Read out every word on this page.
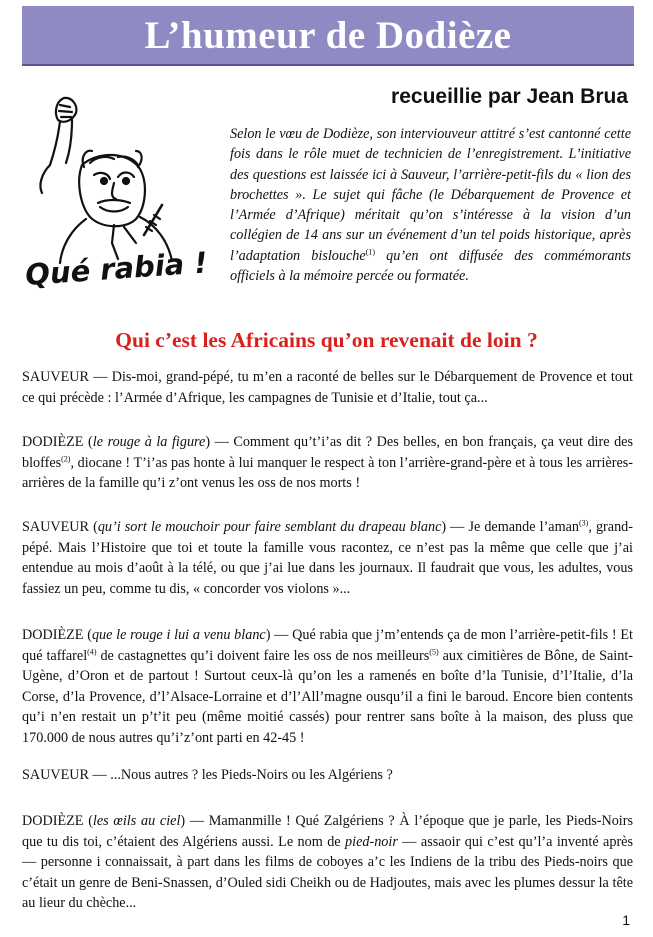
L’humeur de Dodièze
recueillie par Jean Brua
Qué rabia !

Selon le vœu de Dodièze, son interviouveur attitré s’est cantonné cette fois dans le rôle muet de technicien de l’enregistrement. L’initiative des questions est laissée ici à Sauveur, l’arrière-petit-fils du « lion des brochettes ». Le sujet qui fâche (le Débarquement de Provence et l’Armée d’Afrique) méritait qu’on s’intéresse à la vision d’un collégien de 14 ans sur un événement d’un tel poids historique, après l’adaptation bislouche$^{(1)}$ qu’en ont diffusée des commémorants officiels à la mémoire percée ou formatée.

Qui c’est les Africains qu’on revenait de loin ?

SAUVEUR — Dis-moi, grand-pépé, tu m’en a raconté de belles sur le Débarquement de Provence et tout ce qui précède : l’Armée d’Afrique, les campagnes de Tunisie et d’Italie, tout ça...

DODIÈZE (le rouge à la figure) — Comment qu’t’i’as dit ? Des belles, en bon français, ça veut dire des bloffes$^{(2)}$, diocane ! T’i’as pas honte à lui manquer le respect à ton l’arrière-grand-père et à tous les arrières-arrières de la famille qu’i z’ont venus les oss de nos morts !

SAUVEUR (qu’i sort le mouchoir pour faire semblant du drapeau blanc) — Je demande l’aman$^{(3)}$, grand-pépé. Mais l’Histoire que toi et toute la famille vous racontez, ce n’est pas la même que celle que j’ai entendue au mois d’août à la télé, ou que j’ai lue dans les journaux. Il faudrait que vous, les adultes, vous fassiez un peu, comme tu dis, « concorder vos violons »...

DODIÈZE (que le rouge i lui a venu blanc) — Qué rabia que j’m’entends ça de mon l’arrière-petit-fils ! Et qué taffarel$^{(4)}$ de castagnettes qu’i doivent faire les oss de nos meilleurs$^{(5)}$ aux cimitières de Bône, de Saint-Ugène, d’Oron et de partout ! Surtout ceux-là qu’on les a ramenés en boîte d’la Tunisie, d’l’Italie, d’la Corse, d’la Provence, d’l’Alsace-Lorraine et d’l’All’magne ousqu’il a fini le baroud. Encore bien contents qu’i n’en restait un p’t’it peu (même moitié cassés) pour rentrer sans boîte à la maison, des pluss que 170.000 de nous autres qu’i’z’ont parti en 42-45 !

SAUVEUR — ...Nous autres ? les Pieds-Noirs ou les Algériens ?

DODIÈZE (les œils au ciel) — Mamanmille ! Qué Zalgériens ? À l’époque que je parle, les Pieds-Noirs que tu dis toi, c’étaient des Algériens aussi. Le nom de pied-noir — assaoir qui c’est qu’l’a inventé après — personne i connaissait, à part dans les films de coboyes a’c les Indiens de la tribu des Pieds-noirs que c’était un genre de Beni-Snassen, d’Ouled sidi Cheikh ou de Hadjoutes, mais avec les plumes dessur la tête au lieur du chèche...

1
